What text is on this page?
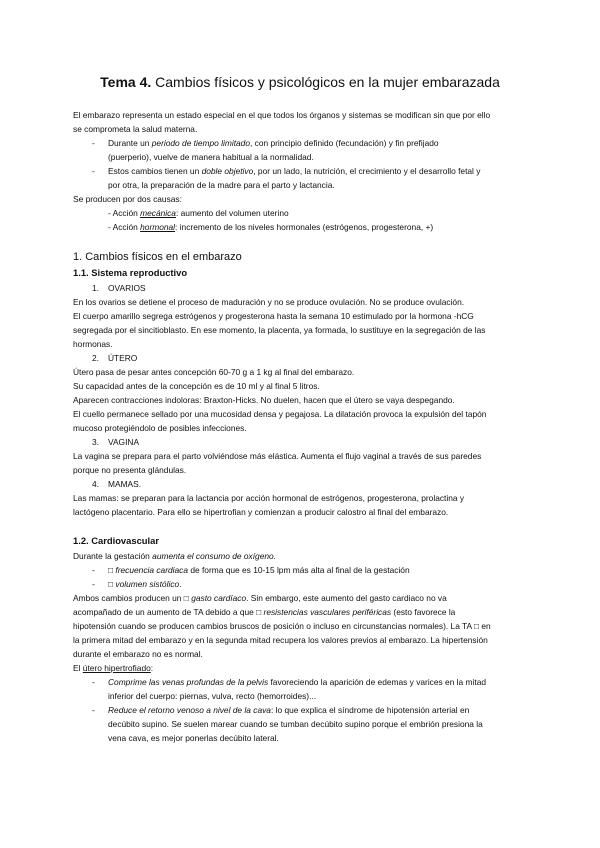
Tema 4. Cambios físicos y psicológicos en la mujer embarazada
El embarazo representa un estado especial en el que todos los órganos y sistemas se modifican sin que por ello
se comprometa la salud materna.
- Durante un periodo de tiempo limitado, con principio definido (fecundación) y fin prefijado
(puerperio), vuelve de manera habitual a la normalidad.
- Estos cambios tienen un doble objetivo, por un lado, la nutrición, el crecimiento y el desarrollo fetal y
por otra, la preparación de la madre para el parto y lactancia.
Se producen por dos causas:
- Acción mecánica: aumento del volumen uterino
- Acción hormonal: incremento de los niveles hormonales (estrógenos, progesterona, +)
1. Cambios físicos en el embarazo
1.1. Sistema reproductivo
1. OVARIOS
En los ovarios se detiene el proceso de maduración y no se produce ovulación. No se produce ovulación.
El cuerpo amarillo segrega estrógenos y progesterona hasta la semana 10 estimulado por la hormona -hCG
segregada por el sincitioblasto. En ese momento, la placenta, ya formada, lo sustituye en la segregación de las
hormonas.
2. ÚTERO
Útero pasa de pesar antes concepción 60-70 g a 1 kg al final del embarazo.
Su capacidad antes de la concepción es de 10 ml y al final 5 litros.
Aparecen contracciones indoloras: Braxton-Hicks. No duelen, hacen que el útero se vaya despegando.
El cuello permanece sellado por una mucosidad densa y pegajosa. La dilatación provoca la expulsión del tapón
mucoso protegiéndolo de posibles infecciones.
3. VAGINA
La vagina se prepara para el parto volviéndose más elástica. Aumenta el flujo vaginal a través de sus paredes
porque no presenta glándulas.
4. MAMAS.
Las mamas: se preparan para la lactancia por acción hormonal de estrógenos, progesterona, prolactina y
lactógeno placentario. Para ello se hipertrofian y comienzan a producir calostro al final del embarazo.
1.2. Cardiovascular
Durante la gestación aumenta el consumo de oxígeno.
- □ frecuencia cardiaca de forma que es 10-15 lpm más alta al final de la gestación
- □ volumen sistólico.
Ambos cambios producen un □ gasto cardíaco. Sin embargo, este aumento del gasto cardiaco no va
acompañado de un aumento de TA debido a que □ resistencias vasculares periféricas (esto favorece la
hipotensión cuando se producen cambios bruscos de posición o incluso en circunstancias normales). La TA □ en
la primera mitad del embarazo y en la segunda mitad recupera los valores previos al embarazo. La hipertensión
durante el embarazo no es normal.
El útero hipertrofiado:
- Comprime las venas profundas de la pelvis favoreciendo la aparición de edemas y varices en la mitad
inferior del cuerpo: piernas, vulva, recto (hemorroides)...
- Reduce el retorno venoso a nivel de la cava: lo que explica el síndrome de hipotensión arterial en
decúbito supino. Se suelen marear cuando se tumban decúbito supino porque el embrión presiona la
vena cava, es mejor ponerlas decúbito lateral.
